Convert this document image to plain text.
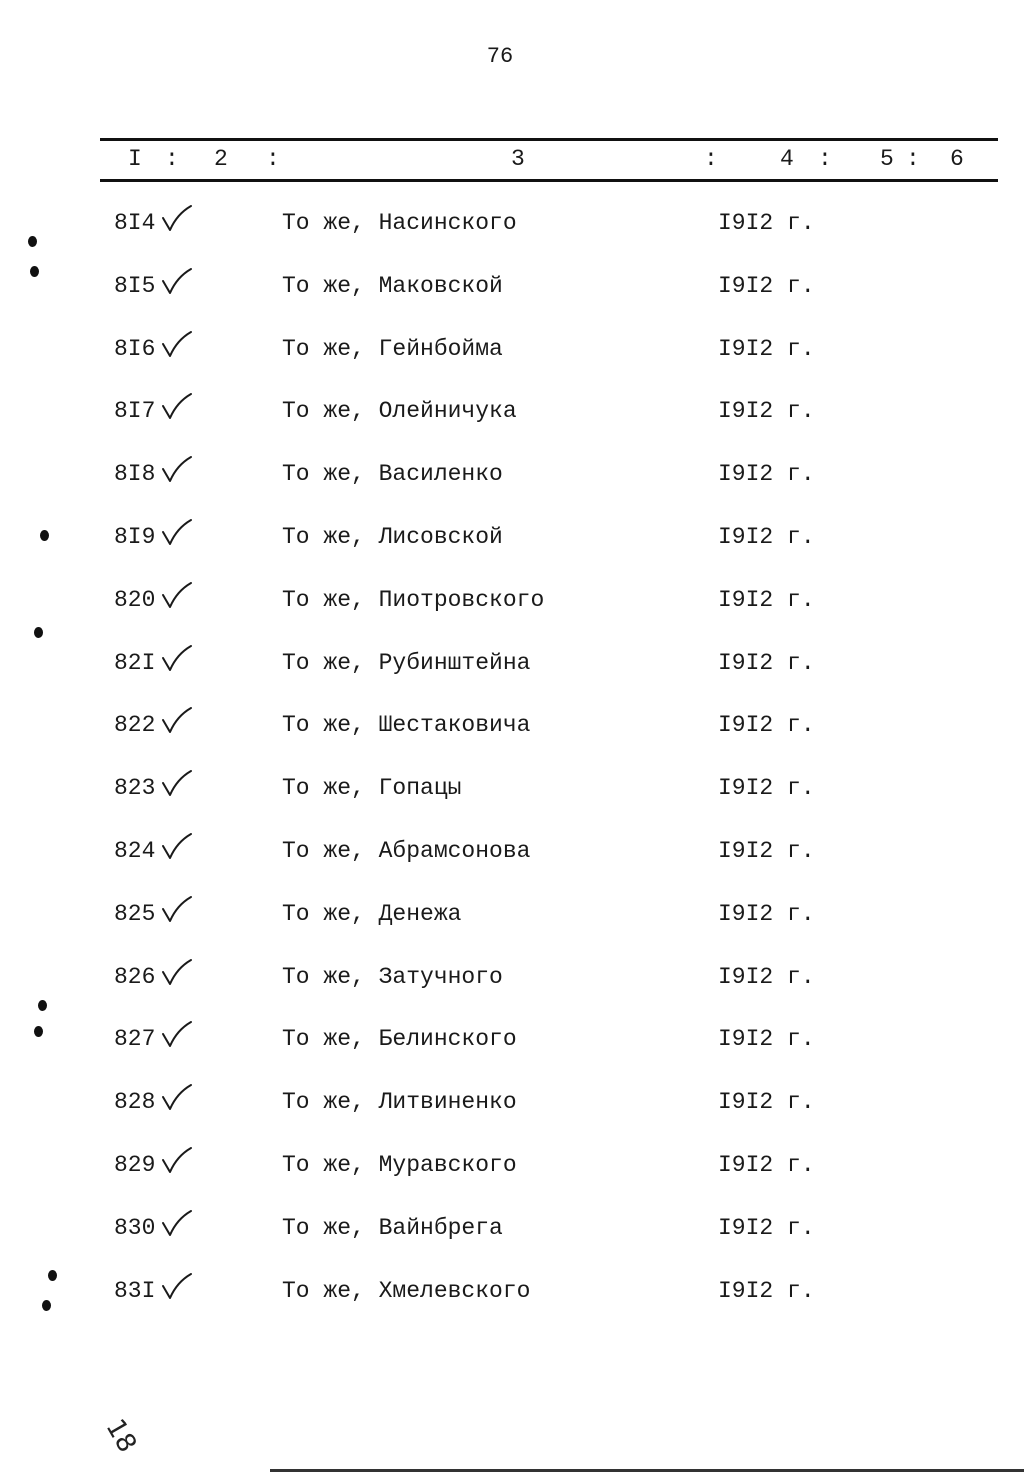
76
I : 2 :	3	:	4 : 5 : 6
8I4	То же, Насинского	I9I2 г.
8I5	То же, Маковской	I9I2 г.
8I6	То же, Гейнбойма	I9I2 г.
8I7	То же, Олейничука	I9I2 г.
8I8	То же, Василенко	I9I2 г.
8I9	То же, Лисовской	I9I2 г.
820	То же, Пиотровского	I9I2 г.
82I	То же, Рубинштейна	I9I2 г.
822	То же, Шестаковича	I9I2 г.
823	То же, Гопацы	I9I2 г.
824	То же, Абрамсонова	I9I2 г.
825	То же, Денежа	I9I2 г.
826	То же, Затучного	I9I2 г.
827	То же, Белинского	I9I2 г.
828	То же, Литвиненко	I9I2 г.
829	То же, Муравского	I9I2 г.
830	То же, Вайнбрега	I9I2 г.
83I	То же, Хмелевского	I9I2 г.
18
